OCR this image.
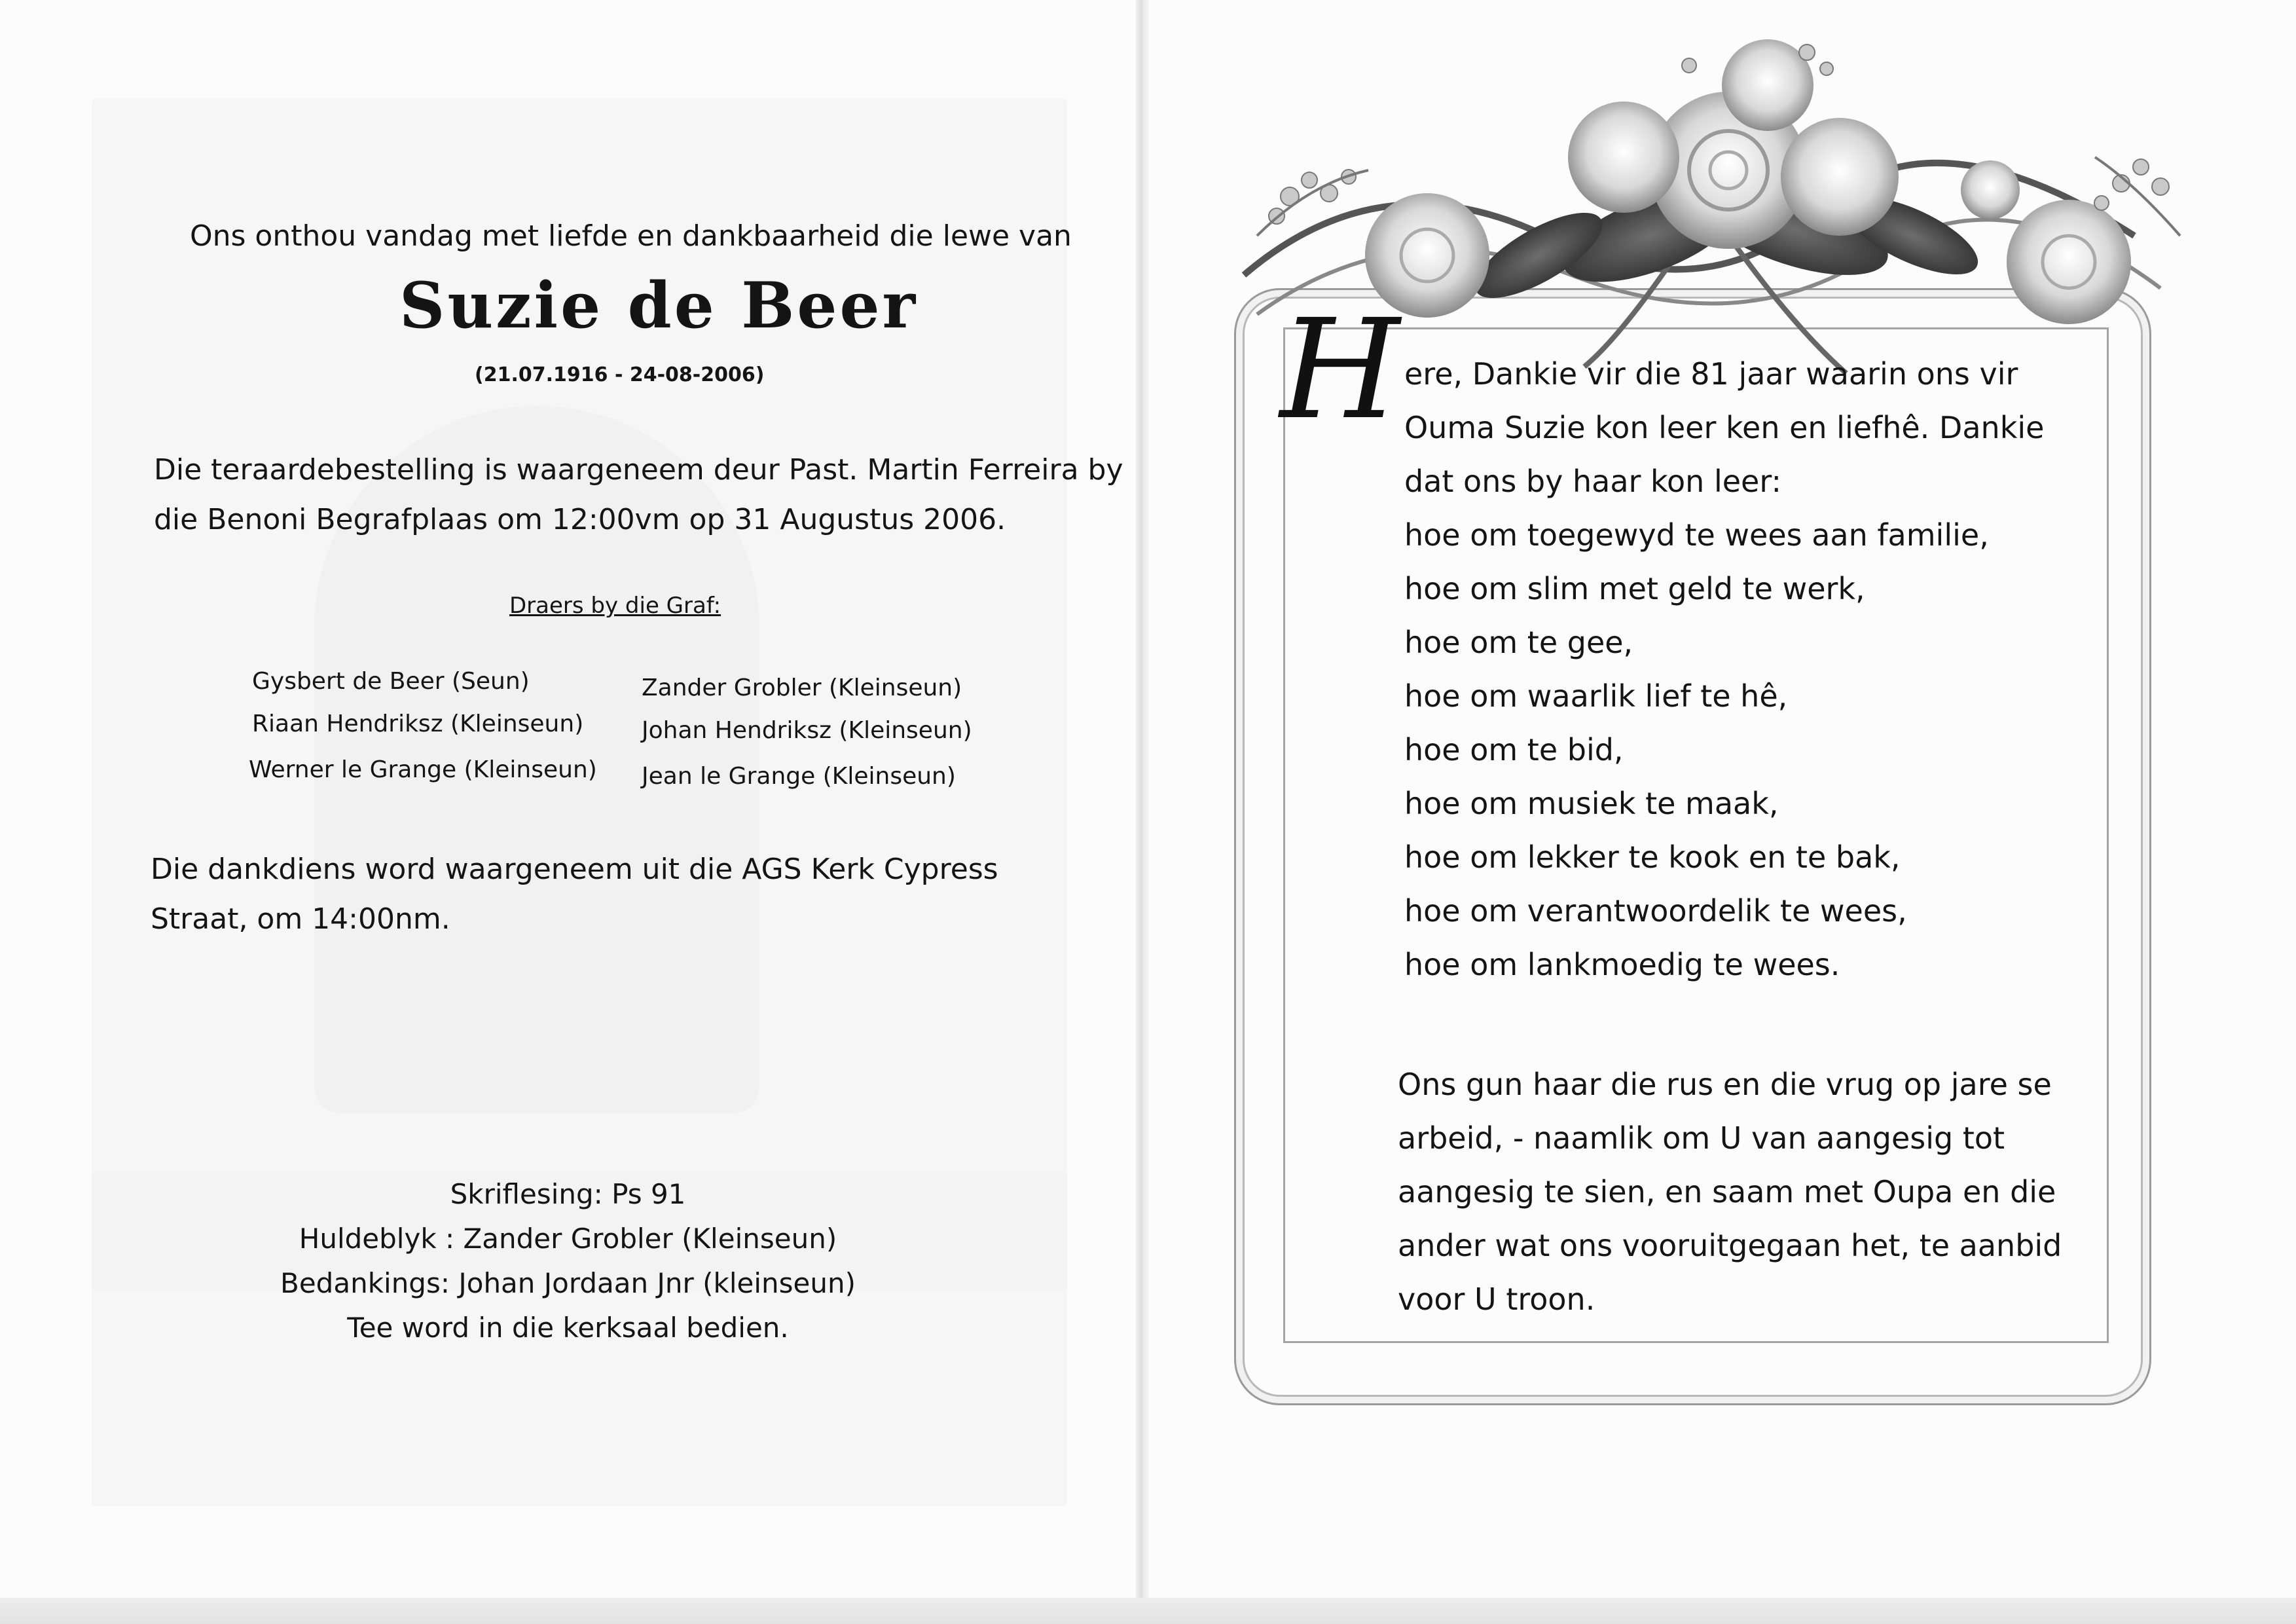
Ons onthou vandag met liefde en dankbaarheid die lewe van

Suzie de Beer

(21.07.1916 - 24-08-2006)

Die teraardebestelling is waargeneem deur Past. Martin Ferreira by
die Benoni Begrafplaas om 12:00vm op 31 Augustus 2006.

Draers by die Graf:

Gysbert de Beer (Seun)	Zander Grobler (Kleinseun)

Riaan Hendriksz (Kleinseun) Johan Hendriksz (Kleinseun)

Werner le Grange (Kleinseun) Jean le Grange (Kleinseun)

Die dankdiens word waargeneem uit die AGS Kerk Cypress
Straat, om 14:00nm.
Skriflesing: Ps 91
Huldeblyk : Zander Grobler (Kleinseun)
Bedankings: Johan Jordaan Jnr (kleinseun)
Tee word in die kerksaal bedien.
H ere, Dankie vir die 81 jaar waarin ons vir
Ouma Suzie kon leer ken en liefhê. Dankie
dat ons by haar kon leer:
hoe om toegewyd te wees aan familie,
hoe om slim met geld te werk,
hoe om te gee,
hoe om waarlik lief te hê,
hoe om te bid,
hoe om musiek te maak,
hoe om lekker te kook en te bak,
hoe om verantwoordelik te wees,
hoe om lankmoedig te wees.
Ons gun haar die rus en die vrug op jare se
arbeid, - naamlik om U van aangesig tot
aangesig te sien, en saam met Oupa en die
ander wat ons vooruitgegaan het, te aanbid
voor U troon.
